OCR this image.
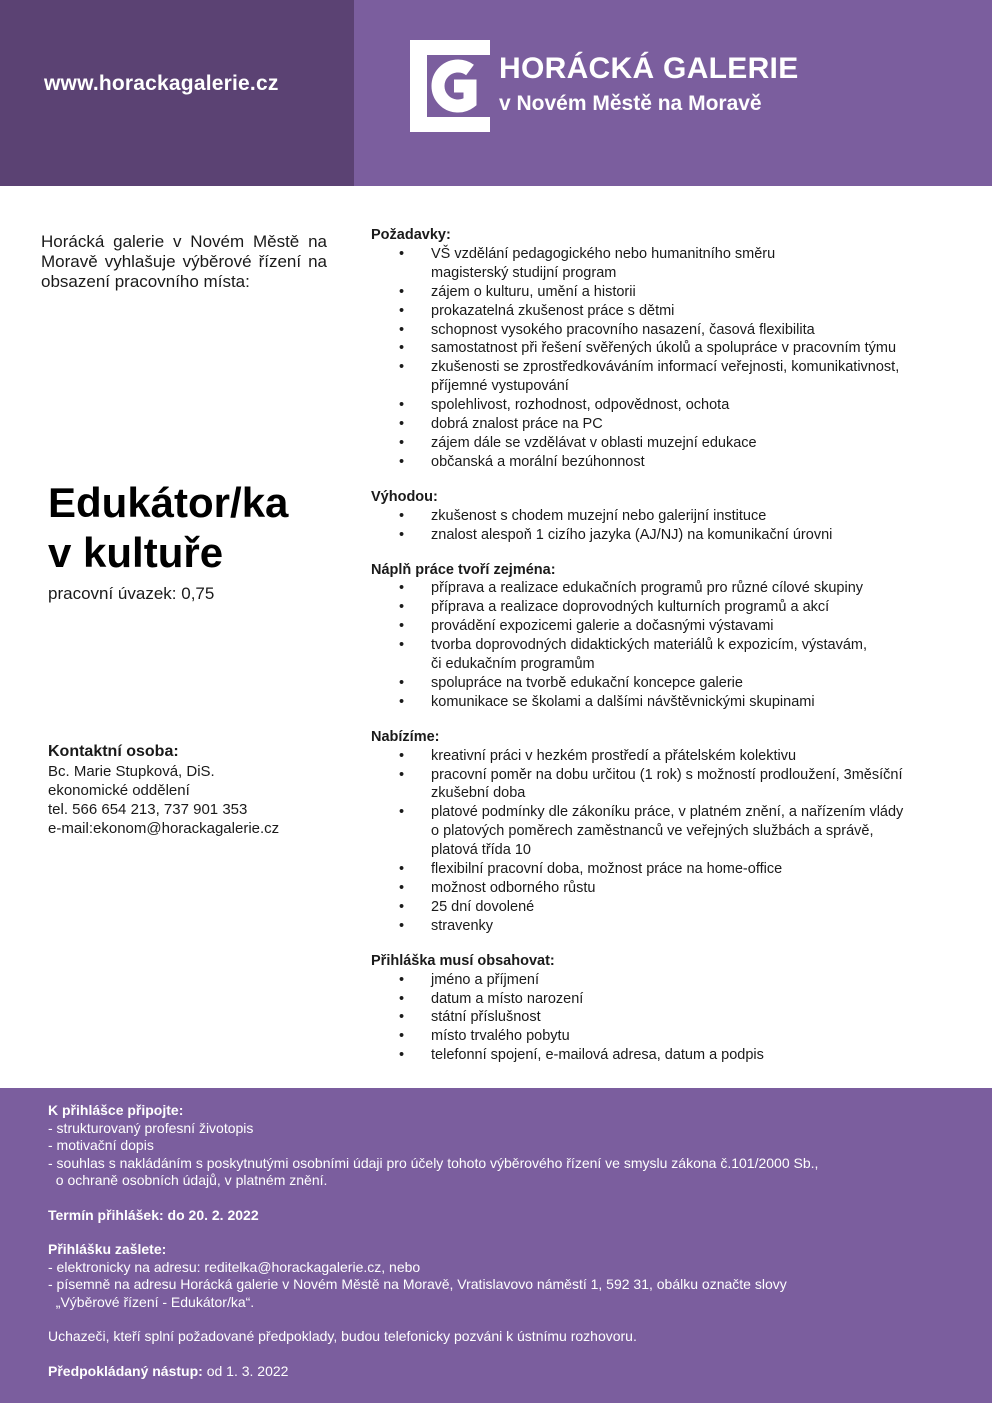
www.horackagalerie.cz	HORÁCKÁ GALERIE
v Novém Městě na Moravě
Horácká galerie v Novém Městě na Moravě vyhlašuje výběrové řízení na obsazení pracovního místa:
Edukátor/ka
v kultuře
pracovní úvazek: 0,75
Kontaktní osoba:
Bc. Marie Stupková, DiS.
ekonomické oddělení
tel. 566 654 213, 737 901 353
e-mail:ekonom@horackagalerie.cz
Požadavky:
• VŠ vzdělání pedagogického nebo humanitního směru
magisterský studijní program
• zájem o kulturu, umění a historii
• prokazatelná zkušenost práce s dětmi
• schopnost vysokého pracovního nasazení, časová flexibilita
• samostatnost při řešení svěřených úkolů a spolupráce v pracovním týmu
• zkušenosti se zprostředkováváním informací veřejnosti, komunikativnost,
příjemné vystupování
• spolehlivost, rozhodnost, odpovědnost, ochota
• dobrá znalost práce na PC
• zájem dále se vzdělávat v oblasti muzejní edukace
• občanská a morální bezúhonnost
Výhodou:
• zkušenost s chodem muzejní nebo galerijní instituce
• znalost alespoň 1 cizího jazyka (AJ/NJ) na komunikační úrovni
Náplň práce tvoří zejména:
• příprava a realizace edukačních programů pro různé cílové skupiny
• příprava a realizace doprovodných kulturních programů a akcí
• provádění expozicemi galerie a dočasnými výstavami
• tvorba doprovodných didaktických materiálů k expozicím, výstavám,
či edukačním programům
• spolupráce na tvorbě edukační koncepce galerie
• komunikace se školami a dalšími návštěvnickými skupinami
Nabízíme:
• kreativní práci v hezkém prostředí a přátelském kolektivu
• pracovní poměr na dobu určitou (1 rok) s možností prodloužení, 3měsíční
zkušební doba
• platové podmínky dle zákoníku práce, v platném znění, a nařízením vlády
o platových poměrech zaměstnanců ve veřejných službách a správě,
platová třída 10
• flexibilní pracovní doba, možnost práce na home-office
• možnost odborného růstu
• 25 dní dovolené
• stravenky
Přihláška musí obsahovat:
• jméno a příjmení
• datum a místo narození
• státní příslušnost
• místo trvalého pobytu
• telefonní spojení, e-mailová adresa, datum a podpis
K přihlášce připojte:
- strukturovaný profesní životopis
- motivační dopis
- souhlas s nakládáním s poskytnutými osobními údaji pro účely tohoto výběrového řízení ve smyslu zákona č.101/2000 Sb.,
o ochraně osobních údajů, v platném znění.
Termín přihlášek: do 20. 2. 2022
Přihlášku zašlete:
- elektronicky na adresu: reditelka@horackagalerie.cz, nebo
- písemně na adresu Horácká galerie v Novém Městě na Moravě, Vratislavovo náměstí 1, 592 31, obálku označte slovy
„Výběrové řízení - Edukátor/ka“.
Uchazeči, kteří splní požadované předpoklady, budou telefonicky pozváni k ústnímu rozhovoru.
Předpokládaný nástup: od 1. 3. 2022
